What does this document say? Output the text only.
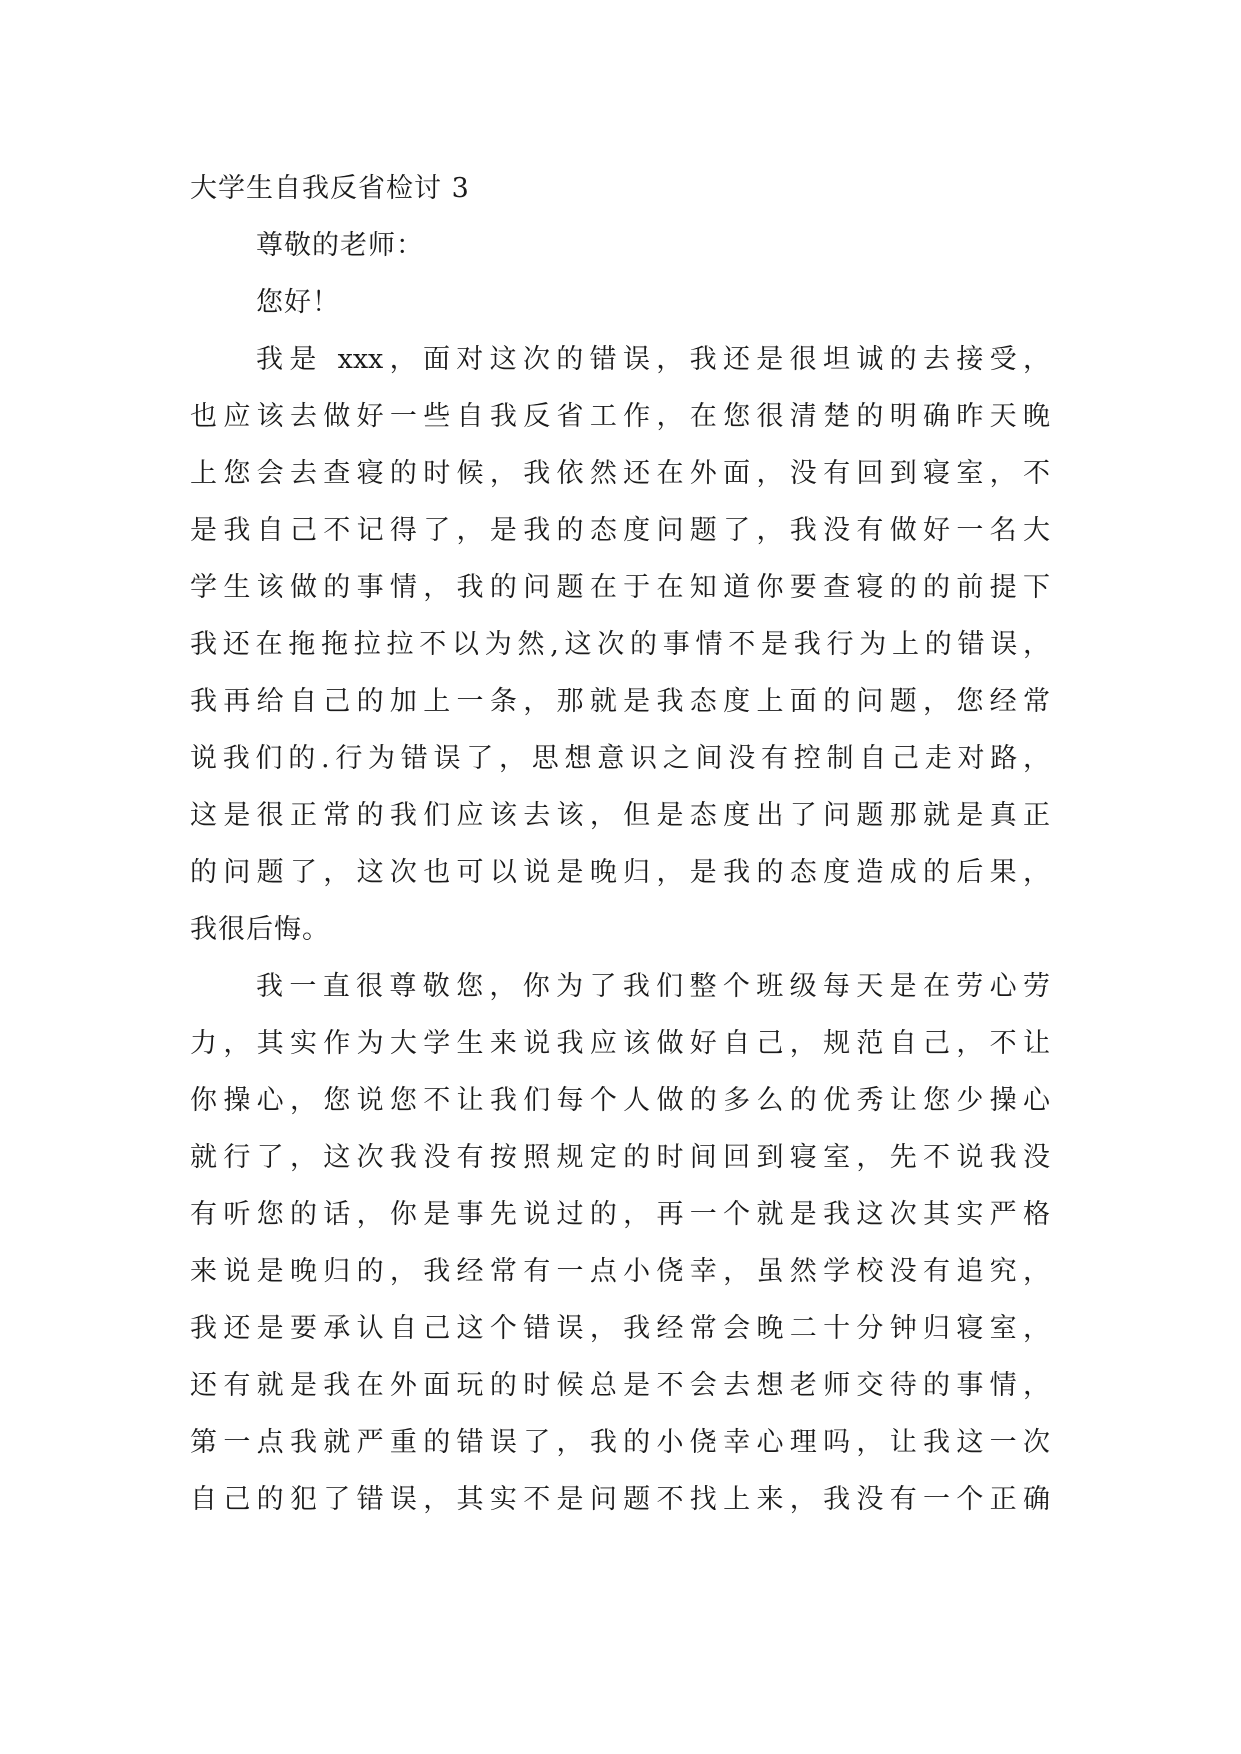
大学生自我反省检讨 3
尊敬的老师：
您好！
我是 xxx，面对这次的错误，我还是很坦诚的去接受，
也应该去做好一些自我反省工作，在您很清楚的明确昨天晚
上您会去查寝的时候，我依然还在外面，没有回到寝室，不
是我自己不记得了，是我的态度问题了，我没有做好一名大
学生该做的事情，我的问题在于在知道你要查寝的的前提下
我还在拖拖拉拉不以为然,这次的事情不是我行为上的错误，
我再给自己的加上一条，那就是我态度上面的问题，您经常
说我们的.行为错误了，思想意识之间没有控制自己走对路，
这是很正常的我们应该去该，但是态度出了问题那就是真正
的问题了，这次也可以说是晚归，是我的态度造成的后果，
我很后悔。
我一直很尊敬您，你为了我们整个班级每天是在劳心劳
力，其实作为大学生来说我应该做好自己，规范自己，不让
你操心，您说您不让我们每个人做的多么的优秀让您少操心
就行了，这次我没有按照规定的时间回到寝室，先不说我没
有听您的话，你是事先说过的，再一个就是我这次其实严格
来说是晚归的，我经常有一点小侥幸，虽然学校没有追究，
我还是要承认自己这个错误，我经常会晚二十分钟归寝室，
还有就是我在外面玩的时候总是不会去想老师交待的事情，
第一点我就严重的错误了，我的小侥幸心理吗，让我这一次
自己的犯了错误，其实不是问题不找上来，我没有一个正确
